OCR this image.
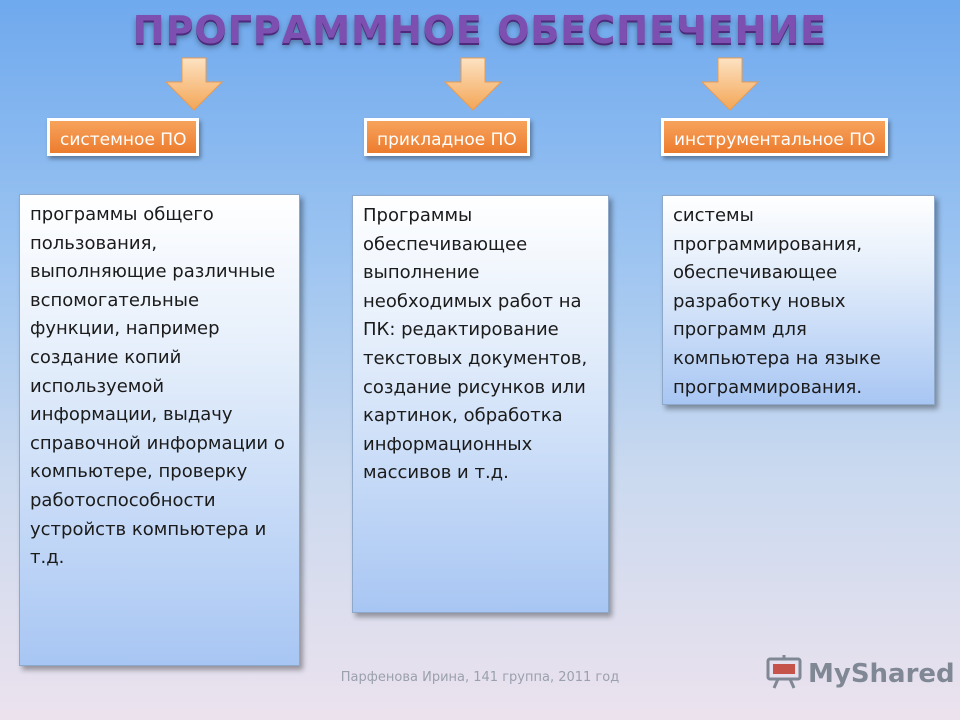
ПРОГРАММНОЕ ОБЕСПЕЧЕНИЕ
системное ПО	прикладное ПО	инструментальное ПО
программы общего пользования, выполняющие различные вспомогательные функции, например создание копий используемой информации, выдачу справочной информации о компьютере, проверку работоспособности устройств компьютера и т.д.
Программы обеспечивающее выполнение необходимых работ на ПК: редактирование текстовых документов, создание рисунков или картинок, обработка информационных массивов и т.д.
системы программирования, обеспечивающее разработку новых программ для компьютера на языке программирования.
Парфенова Ирина, 141 группа, 2011 год	MyShared
